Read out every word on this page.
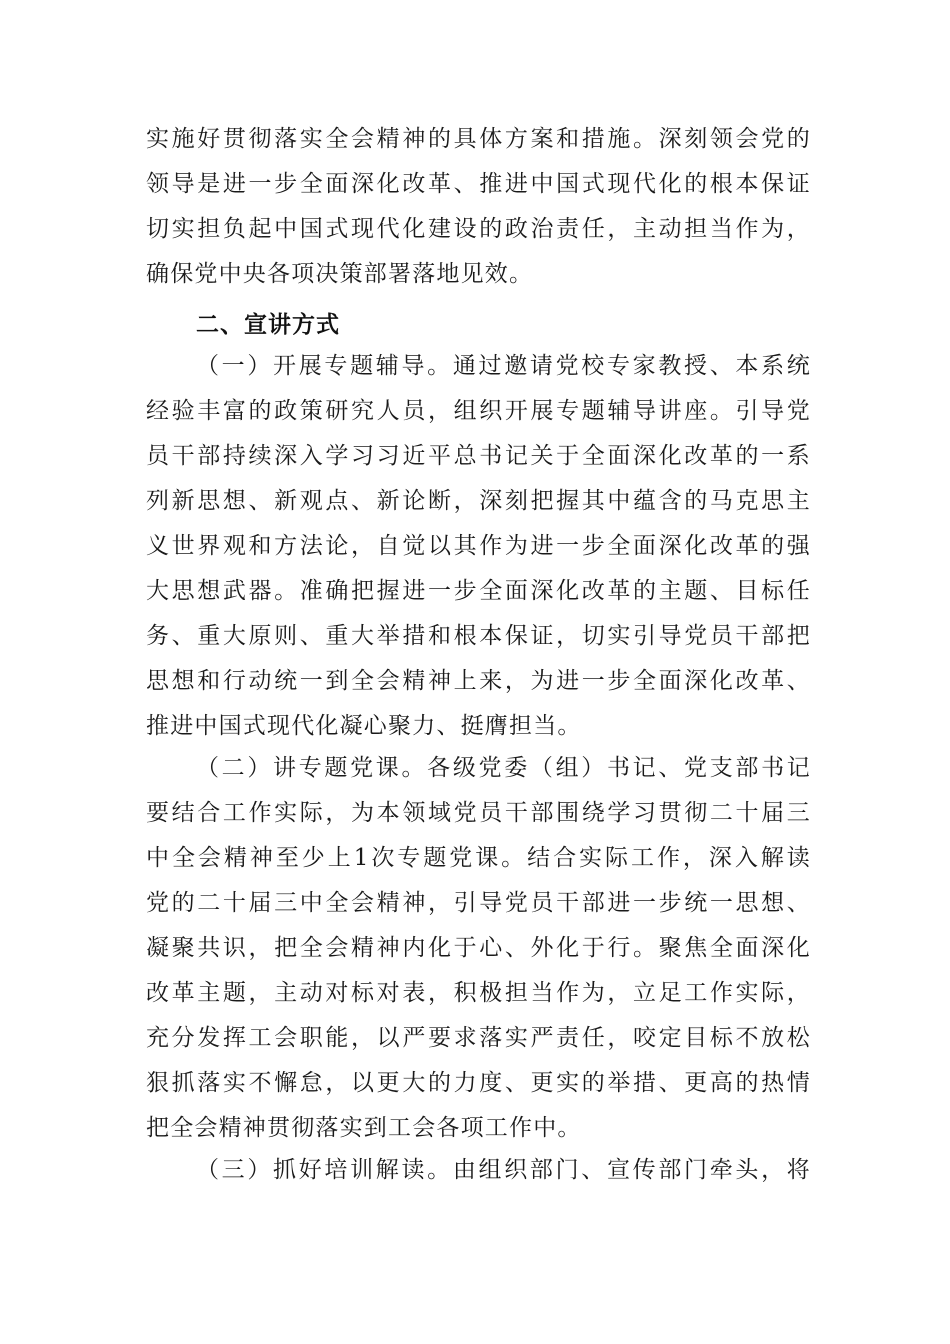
实施好贯彻落实全会精神的具体方案和措施。深刻领会党的
领导是进一步全面深化改革、推进中国式现代化的根本保证
切实担负起中国式现代化建设的政治责任，主动担当作为，
确保党中央各项决策部署落地见效。
二、宣讲方式
（一）开展专题辅导。通过邀请党校专家教授、本系统
经验丰富的政策研究人员，组织开展专题辅导讲座。引导党
员干部持续深入学习习近平总书记关于全面深化改革的一系
列新思想、新观点、新论断，深刻把握其中蕴含的马克思主
义世界观和方法论，自觉以其作为进一步全面深化改革的强
大思想武器。准确把握进一步全面深化改革的主题、目标任
务、重大原则、重大举措和根本保证，切实引导党员干部把
思想和行动统一到全会精神上来，为进一步全面深化改革、
推进中国式现代化凝心聚力、挺膺担当。
（二）讲专题党课。各级党委（组）书记、党支部书记
要结合工作实际，为本领域党员干部围绕学习贯彻二十届三
中全会精神至少上1次专题党课。结合实际工作，深入解读
党的二十届三中全会精神，引导党员干部进一步统一思想、
凝聚共识，把全会精神内化于心、外化于行。聚焦全面深化
改革主题，主动对标对表，积极担当作为，立足工作实际，
充分发挥工会职能，以严要求落实严责任，咬定目标不放松
狠抓落实不懈怠，以更大的力度、更实的举措、更高的热情
把全会精神贯彻落实到工会各项工作中。
（三）抓好培训解读。由组织部门、宣传部门牵头，将
